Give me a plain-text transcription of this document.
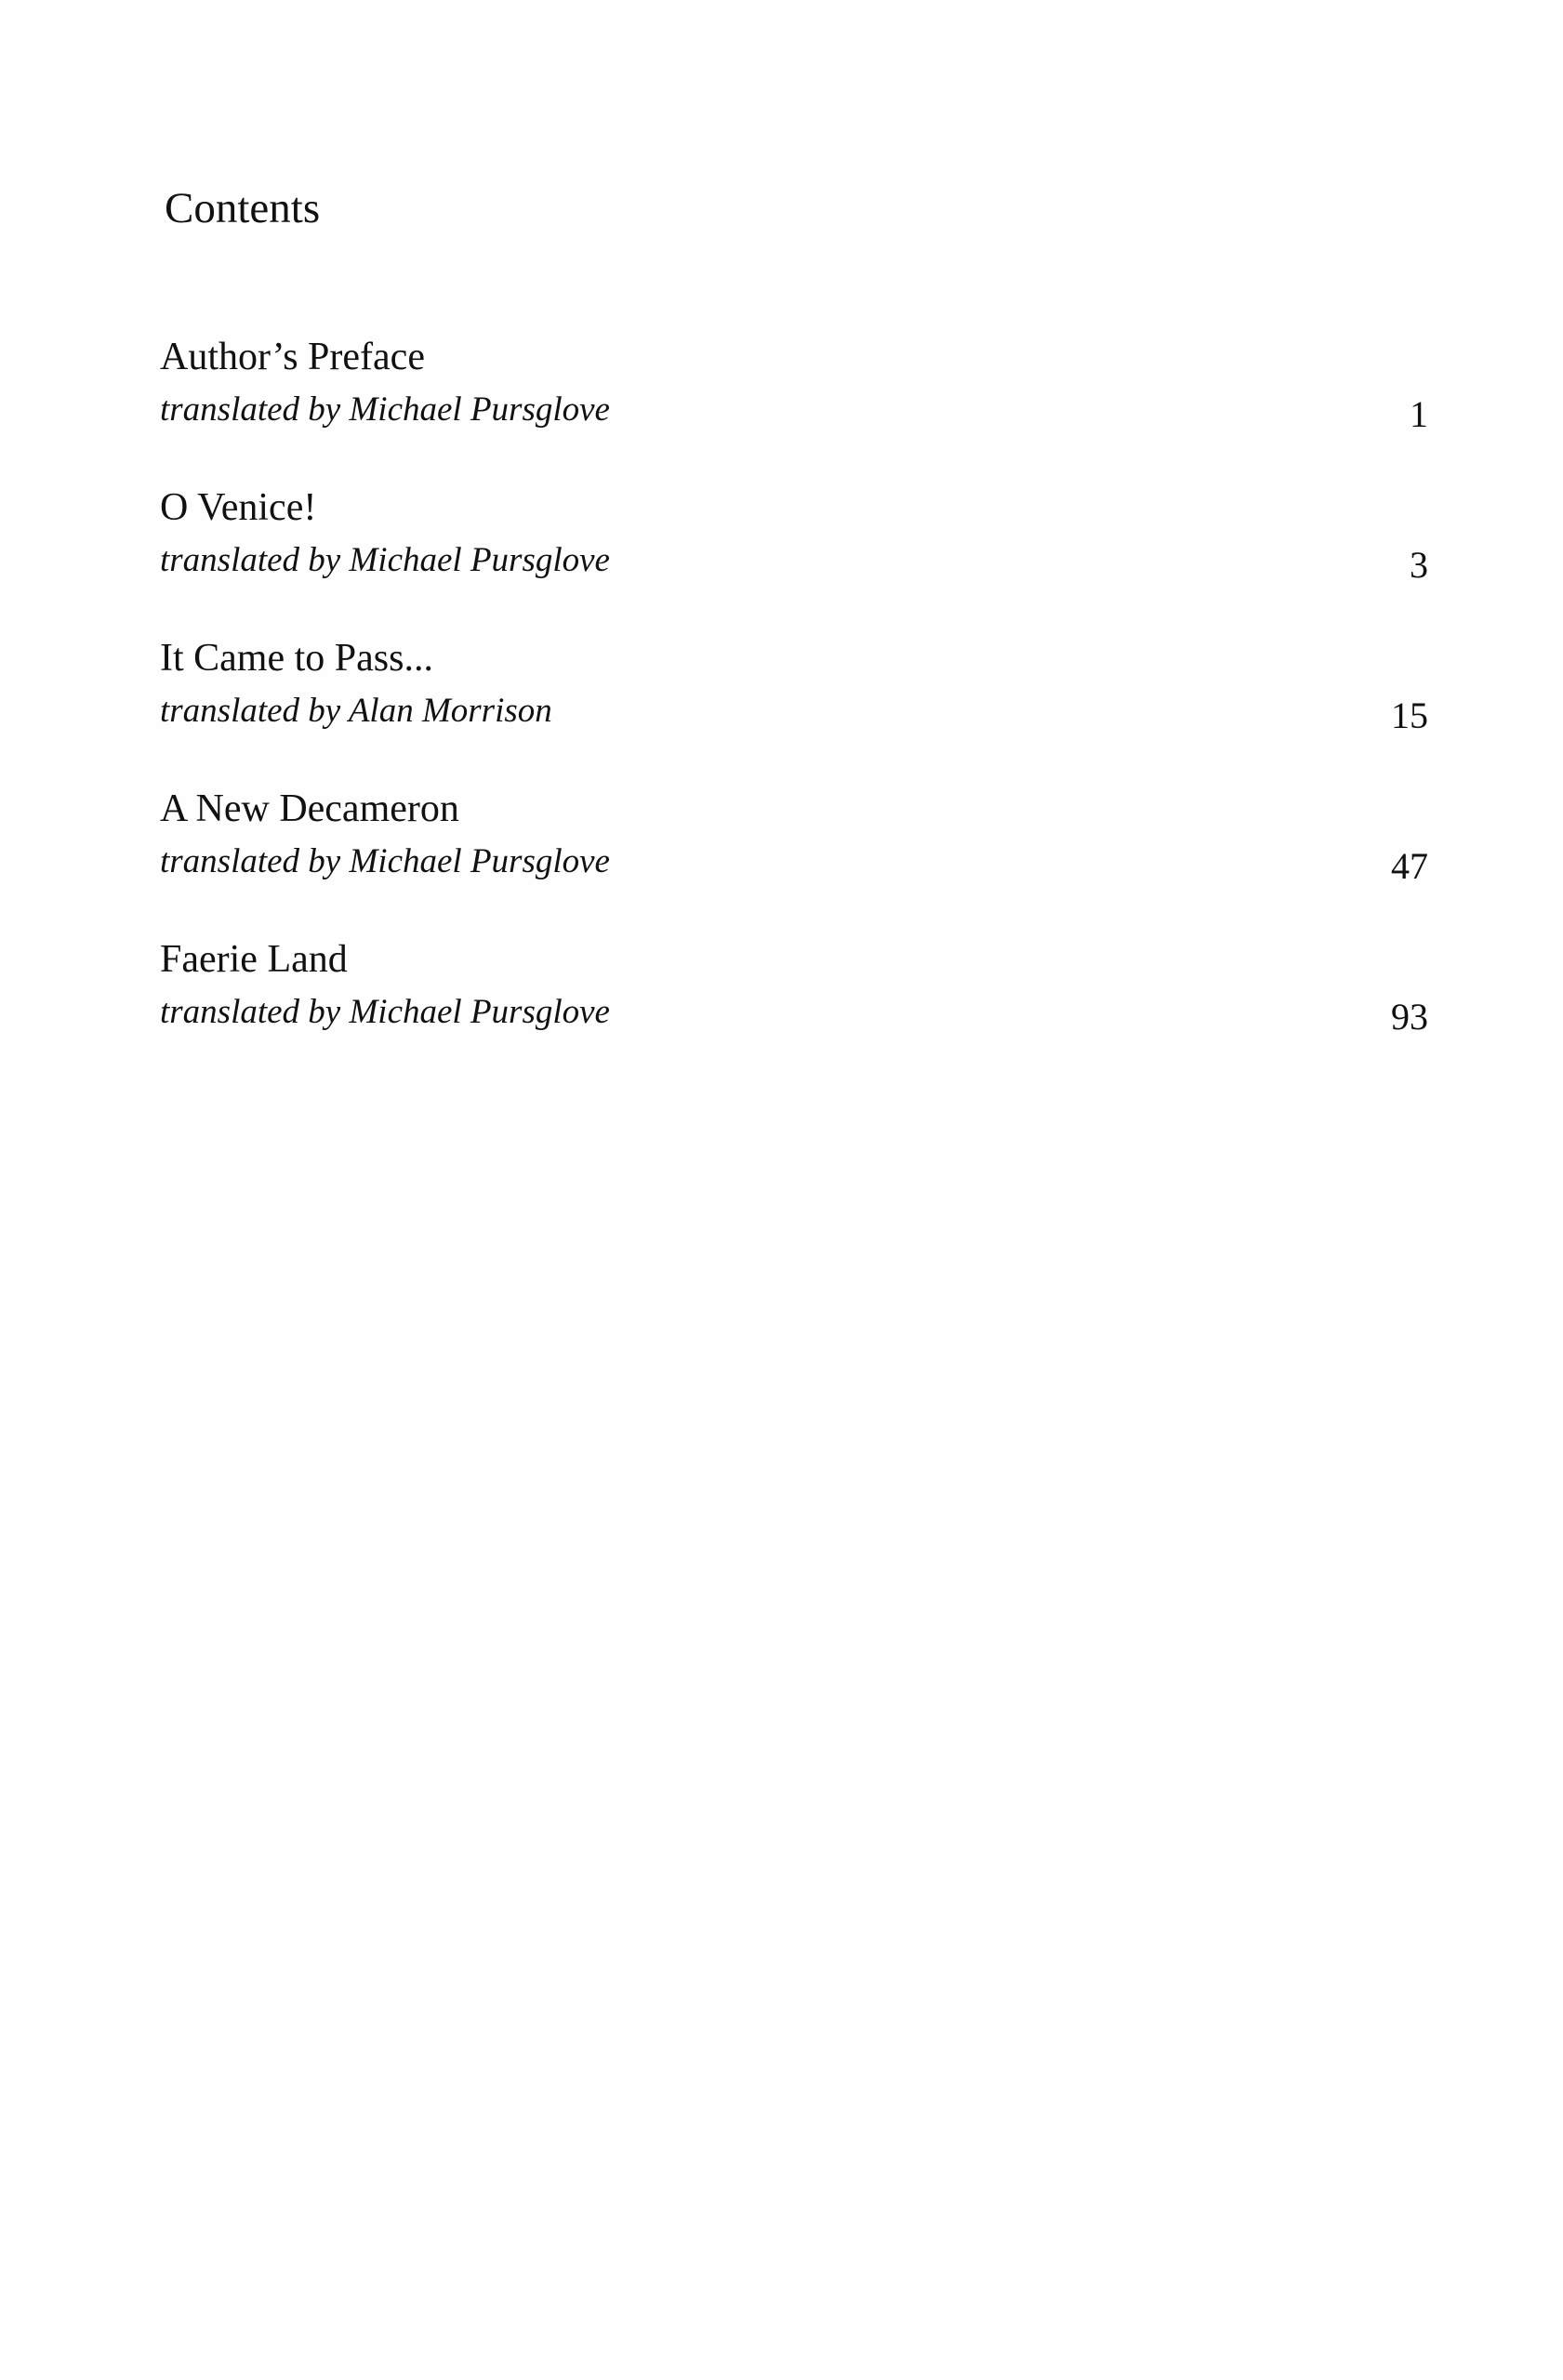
Contents
Author’s Preface
translated by Michael Pursglove	1
O Venice!
translated by Michael Pursglove	3
It Came to Pass...
translated by Alan Morrison	15
A New Decameron
translated by Michael Pursglove	47
Faerie Land
translated by Michael Pursglove	93
